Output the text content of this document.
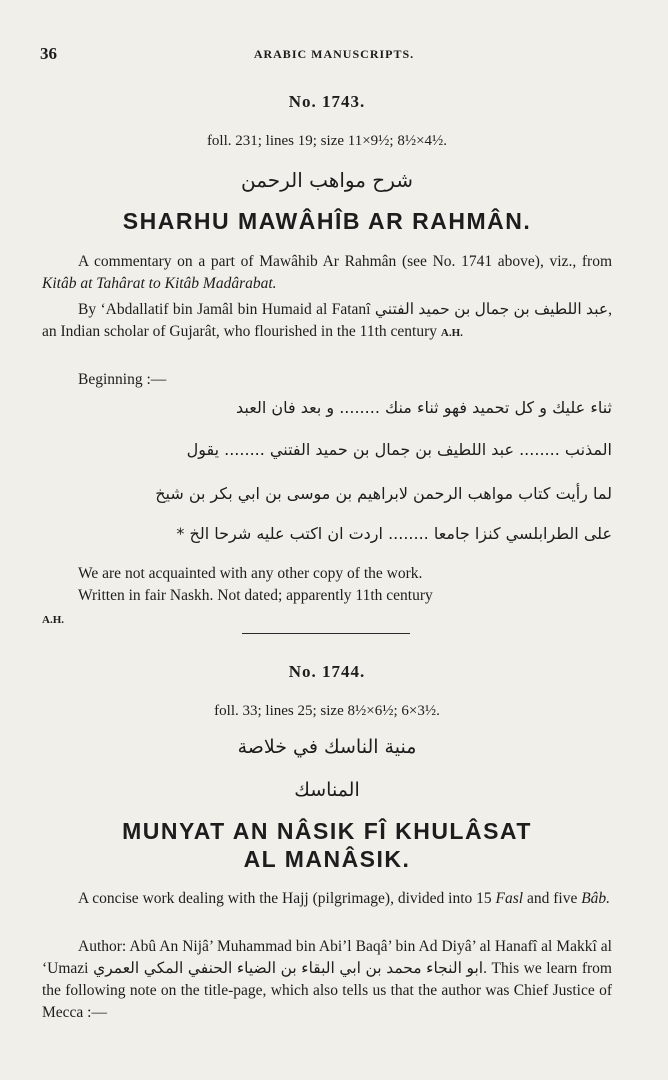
36	ARABIC MANUSCRIPTS.
No. 1743.
foll. 231; lines 19; size 11×9½; 8½×4½.
شرح مواهب الرحمن
SHARHU MAWÂHÎB AR RAHMÂN.
A commentary on a part of Mawâhib Ar Rahmân (see No. 1741 above), viz., from Kitâb at Tahârat to Kitâb Madârabat.
By ‘Abdallatif bin Jamâl bin Humaid al Fatanî عبد اللطيف بن جمال بن حميد الفتني, an Indian scholar of Gujarât, who flourished in the 11th century A.H.
Beginning :—
ثناء عليك و كل تحميد فهو ثناء منك ........ و بعد فان العبد
المذنب ........ عبد اللطيف بن جمال بن حميد الفتني ........ يقول
لما رأيت كتاب مواهب الرحمن لابراهيم بن موسى بن ابي بكر بن شيخ
على الطرابلسي كنزا جامعا ........ اردت ان اكتب عليه شرحا الخ *
We are not acquainted with any other copy of the work.
Written in fair Naskh. Not dated; apparently 11th century
A.H.
No. 1744.
foll. 33; lines 25; size 8½×6½; 6×3½.
منية الناسك في خلاصة
المناسك
MUNYAT AN NÂSIK FÎ KHULÂSAT
AL MANÂSIK.
A concise work dealing with the Hajj (pilgrimage), divided into 15 Fasl and five Bâb.
Author: Abû An Nijâ’ Muhammad bin Abi’l Baqâ’ bin Ad Diyâ’ al Hanafî al Makkî al ‘Umazi ابو النجاء محمد بن ابي البقاء بن الضياء الحنفي المكي العمري. This we learn from the following note on the title-page, which also tells us that the author was Chief Justice of Mecca :—
